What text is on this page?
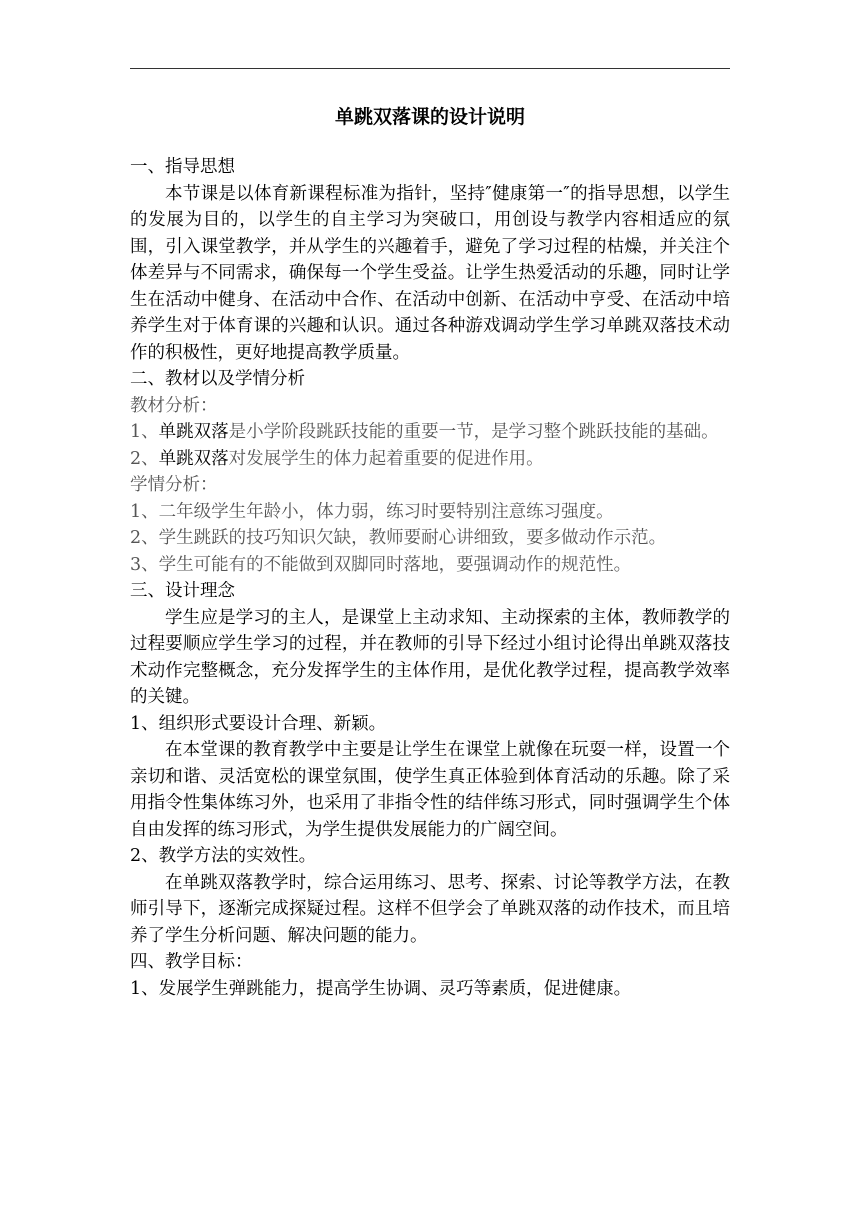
单跳双落课的设计说明

一、指导思想

本节课是以体育新课程标准为指针，坚持″健康第一″的指导思想，以学生的发展为目的，以学生的自主学习为突破口，用创设与教学内容相适应的氛围，引入课堂教学，并从学生的兴趣着手，避免了学习过程的枯燥，并关注个体差异与不同需求，确保每一个学生受益。让学生热爱活动的乐趣，同时让学生在活动中健身、在活动中合作、在活动中创新、在活动中亨受、在活动中培养学生对于体育课的兴趣和认识。通过各种游戏调动学生学习单跳双落技术动作的积极性，更好地提高教学质量。

二、教材以及学情分析

教材分析：

1、单跳双落是小学阶段跳跃技能的重要一节，是学习整个跳跃技能的基础。

2、单跳双落对发展学生的体力起着重要的促进作用。

学情分析：

1、二年级学生年龄小，体力弱，练习时要特别注意练习强度。

2、学生跳跃的技巧知识欠缺，教师要耐心讲细致，要多做动作示范。

3、学生可能有的不能做到双脚同时落地，要强调动作的规范性。

三、设计理念

学生应是学习的主人，是课堂上主动求知、主动探索的主体，教师教学的过程要顺应学生学习的过程，并在教师的引导下经过小组讨论得出单跳双落技术动作完整概念，充分发挥学生的主体作用，是优化教学过程，提高教学效率的关键。

1、组织形式要设计合理、新颖。

在本堂课的教育教学中主要是让学生在课堂上就像在玩耍一样，设置一个亲切和谐、灵活宽松的课堂氛围，使学生真正体验到体育活动的乐趣。除了采用指令性集体练习外，也采用了非指令性的结伴练习形式，同时强调学生个体自由发挥的练习形式，为学生提供发展能力的广阔空间。

2、教学方法的实效性。

在单跳双落教学时，综合运用练习、思考、探索、讨论等教学方法，在教师引导下，逐渐完成探疑过程。这样不但学会了单跳双落的动作技术，而且培养了学生分析问题、解决问题的能力。

四、教学目标：

1、发展学生弹跳能力，提高学生协调、灵巧等素质，促进健康。
